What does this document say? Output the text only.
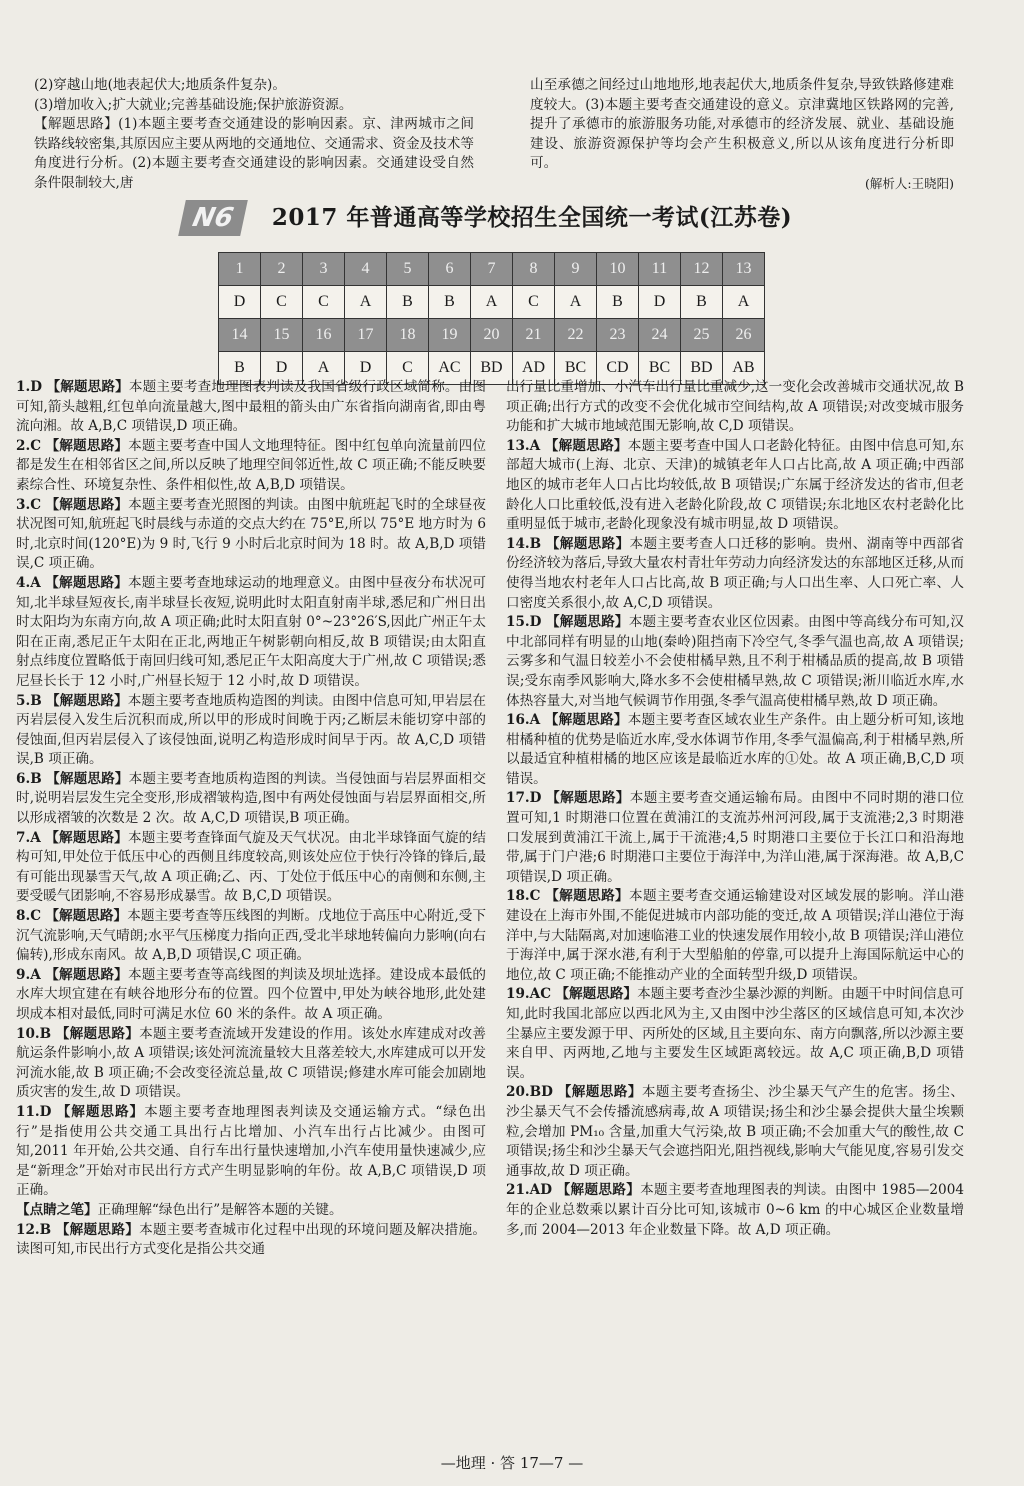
(2)穿越山地(地表起伏大;地质条件复杂)。

(3)增加收入;扩大就业;完善基础设施;保护旅游资源。

【解题思路】(1)本题主要考查交通建设的影响因素。京、津两城市之间铁路线较密集,其原因应主要从两地的交通地位、交通需求、资金及技术等角度进行分析。(2)本题主要考查交通建设的影响因素。交通建设受自然条件限制较大,唐

山至承德之间经过山地地形,地表起伏大,地质条件复杂,导致铁路修建难度较大。(3)本题主要考查交通建设的意义。京津冀地区铁路网的完善,提升了承德市的旅游服务功能,对承德市的经济发展、就业、基础设施建设、旅游资源保护等均会产生积极意义,所以从该角度进行分析即可。

(解析人:王晓阳)

N6	2017 年普通高等学校招生全国统一考试(江苏卷)
1	2	3	4	5	6	7	8	9	10	11	12	13
D	C	C	A	B	B	A	C	A	B	D	B	A
14	15	16	17	18	19	20	21	22	23	24	25	26
B	D	A	D	C	AC	BD	AD	BC	CD	BC	BD	AB

1.D 【解题思路】本题主要考查地理图表判读及我国省级行政区域简称。由图可知,箭头越粗,红包单向流量越大,图中最粗的箭头由广东省指向湖南省,即由粤流向湘。故 A,B,C 项错误,D 项正确。

2.C 【解题思路】本题主要考查中国人文地理特征。图中红包单向流量前四位都是发生在相邻省区之间,所以反映了地理空间邻近性,故 C 项正确;不能反映要素综合性、环境复杂性、条件相似性,故 A,B,D 项错误。

3.C 【解题思路】本题主要考查光照图的判读。由图中航班起飞时的全球昼夜状况图可知,航班起飞时晨线与赤道的交点大约在 75°E,所以 75°E 地方时为 6 时,北京时间(120°E)为 9 时,飞行 9 小时后北京时间为 18 时。故 A,B,D 项错误,C 项正确。

4.A 【解题思路】本题主要考查地球运动的地理意义。由图中昼夜分布状况可知,北半球昼短夜长,南半球昼长夜短,说明此时太阳直射南半球,悉尼和广州日出时太阳均为东南方向,故 A 项正确;此时太阳直射 0°~23°26′S,因此广州正午太阳在正南,悉尼正午太阳在正北,两地正午树影朝向相反,故 B 项错误;由太阳直射点纬度位置略低于南回归线可知,悉尼正午太阳高度大于广州,故 C 项错误;悉尼昼长长于 12 小时,广州昼长短于 12 小时,故 D 项错误。

5.B 【解题思路】本题主要考查地质构造图的判读。由图中信息可知,甲岩层在丙岩层侵入发生后沉积而成,所以甲的形成时间晚于丙;乙断层未能切穿中部的侵蚀面,但丙岩层侵入了该侵蚀面,说明乙构造形成时间早于丙。故 A,C,D 项错误,B 项正确。

6.B 【解题思路】本题主要考查地质构造图的判读。当侵蚀面与岩层界面相交时,说明岩层发生完全变形,形成褶皱构造,图中有两处侵蚀面与岩层界面相交,所以形成褶皱的次数是 2 次。故 A,C,D 项错误,B 项正确。

7.A 【解题思路】本题主要考查锋面气旋及天气状况。由北半球锋面气旋的结构可知,甲处位于低压中心的西侧且纬度较高,则该处应位于快行冷锋的锋后,最有可能出现暴雪天气,故 A 项正确;乙、丙、丁处位于低压中心的南侧和东侧,主要受暖气团影响,不容易形成暴雪。故 B,C,D 项错误。

8.C 【解题思路】本题主要考查等压线图的判断。戊地位于高压中心附近,受下沉气流影响,天气晴朗;水平气压梯度力指向正西,受北半球地转偏向力影响(向右偏转),形成东南风。故 A,B,D 项错误,C 项正确。

9.A 【解题思路】本题主要考查等高线图的判读及坝址选择。建设成本最低的水库大坝宜建在有峡谷地形分布的位置。四个位置中,甲处为峡谷地形,此处建坝成本相对最低,同时可满足水位 60 米的条件。故 A 项正确。

10.B 【解题思路】本题主要考查流域开发建设的作用。该处水库建成对改善航运条件影响小,故 A 项错误;该处河流流量较大且落差较大,水库建成可以开发河流水能,故 B 项正确;不会改变径流总量,故 C 项错误;修建水库可能会加剧地质灾害的发生,故 D 项错误。

11.D 【解题思路】本题主要考查地理图表判读及交通运输方式。“绿色出行”是指使用公共交通工具出行占比增加、小汽车出行占比减少。由图可知,2011 年开始,公共交通、自行车出行量快速增加,小汽车使用量快速减少,应是“新理念”开始对市民出行方式产生明显影响的年份。故 A,B,C 项错误,D 项正确。

【点睛之笔】正确理解“绿色出行”是解答本题的关键。

12.B 【解题思路】本题主要考查城市化过程中出现的环境问题及解决措施。读图可知,市民出行方式变化是指公共交通

出行量比重增加、小汽车出行量比重减少,这一变化会改善城市交通状况,故 B 项正确;出行方式的改变不会优化城市空间结构,故 A 项错误;对改变城市服务功能和扩大城市地域范围无影响,故 C,D 项错误。

13.A 【解题思路】本题主要考查中国人口老龄化特征。由图中信息可知,东部超大城市(上海、北京、天津)的城镇老年人口占比高,故 A 项正确;中西部地区的城市老年人口占比均较低,故 B 项错误;广东属于经济发达的省市,但老龄化人口比重较低,没有进入老龄化阶段,故 C 项错误;东北地区农村老龄化比重明显低于城市,老龄化现象没有城市明显,故 D 项错误。

14.B 【解题思路】本题主要考查人口迁移的影响。贵州、湖南等中西部省份经济较为落后,导致大量农村青壮年劳动力向经济发达的东部地区迁移,从而使得当地农村老年人口占比高,故 B 项正确;与人口出生率、人口死亡率、人口密度关系很小,故 A,C,D 项错误。

15.D 【解题思路】本题主要考查农业区位因素。由图中等高线分布可知,汉中北部同样有明显的山地(秦岭)阻挡南下冷空气,冬季气温也高,故 A 项错误;云雾多和气温日较差小不会使柑橘早熟,且不利于柑橘品质的提高,故 B 项错误;受东南季风影响大,降水多不会使柑橘早熟,故 C 项错误;淅川临近水库,水体热容量大,对当地气候调节作用强,冬季气温高使柑橘早熟,故 D 项正确。

16.A 【解题思路】本题主要考查区域农业生产条件。由上题分析可知,该地柑橘种植的优势是临近水库,受水体调节作用,冬季气温偏高,利于柑橘早熟,所以最适宜种植柑橘的地区应该是最临近水库的①处。故 A 项正确,B,C,D 项错误。

17.D 【解题思路】本题主要考查交通运输布局。由图中不同时期的港口位置可知,1 时期港口位置在黄浦江的支流苏州河河段,属于支流港;2,3 时期港口发展到黄浦江干流上,属于干流港;4,5 时期港口主要位于长江口和沿海地带,属于门户港;6 时期港口主要位于海洋中,为洋山港,属于深海港。故 A,B,C 项错误,D 项正确。

18.C 【解题思路】本题主要考查交通运输建设对区域发展的影响。洋山港建设在上海市外围,不能促进城市内部功能的变迁,故 A 项错误;洋山港位于海洋中,与大陆隔离,对加速临港工业的快速发展作用较小,故 B 项错误;洋山港位于海洋中,属于深水港,有利于大型船舶的停靠,可以提升上海国际航运中心的地位,故 C 项正确;不能推动产业的全面转型升级,D 项错误。

19.AC 【解题思路】本题主要考查沙尘暴沙源的判断。由题干中时间信息可知,此时我国北部应以西北风为主,又由图中沙尘落区的区域信息可知,本次沙尘暴应主要发源于甲、丙所处的区域,且主要向东、南方向飘落,所以沙源主要来自甲、丙两地,乙地与主要发生区域距离较远。故 A,C 项正确,B,D 项错误。

20.BD 【解题思路】本题主要考查扬尘、沙尘暴天气产生的危害。扬尘、沙尘暴天气不会传播流感病毒,故 A 项错误;扬尘和沙尘暴会提供大量尘埃颗粒,会增加 PM₁₀ 含量,加重大气污染,故 B 项正确;不会加重大气的酸性,故 C 项错误;扬尘和沙尘暴天气会遮挡阳光,阻挡视线,影响大气能见度,容易引发交通事故,故 D 项正确。

21.AD 【解题思路】本题主要考查地理图表的判读。由图中 1985—2004 年的企业总数乘以累计百分比可知,该城市 0~6 km 的中心城区企业数量增多,而 2004—2013 年企业数量下降。故 A,D 项正确。

—地理 · 答 17—7 —
